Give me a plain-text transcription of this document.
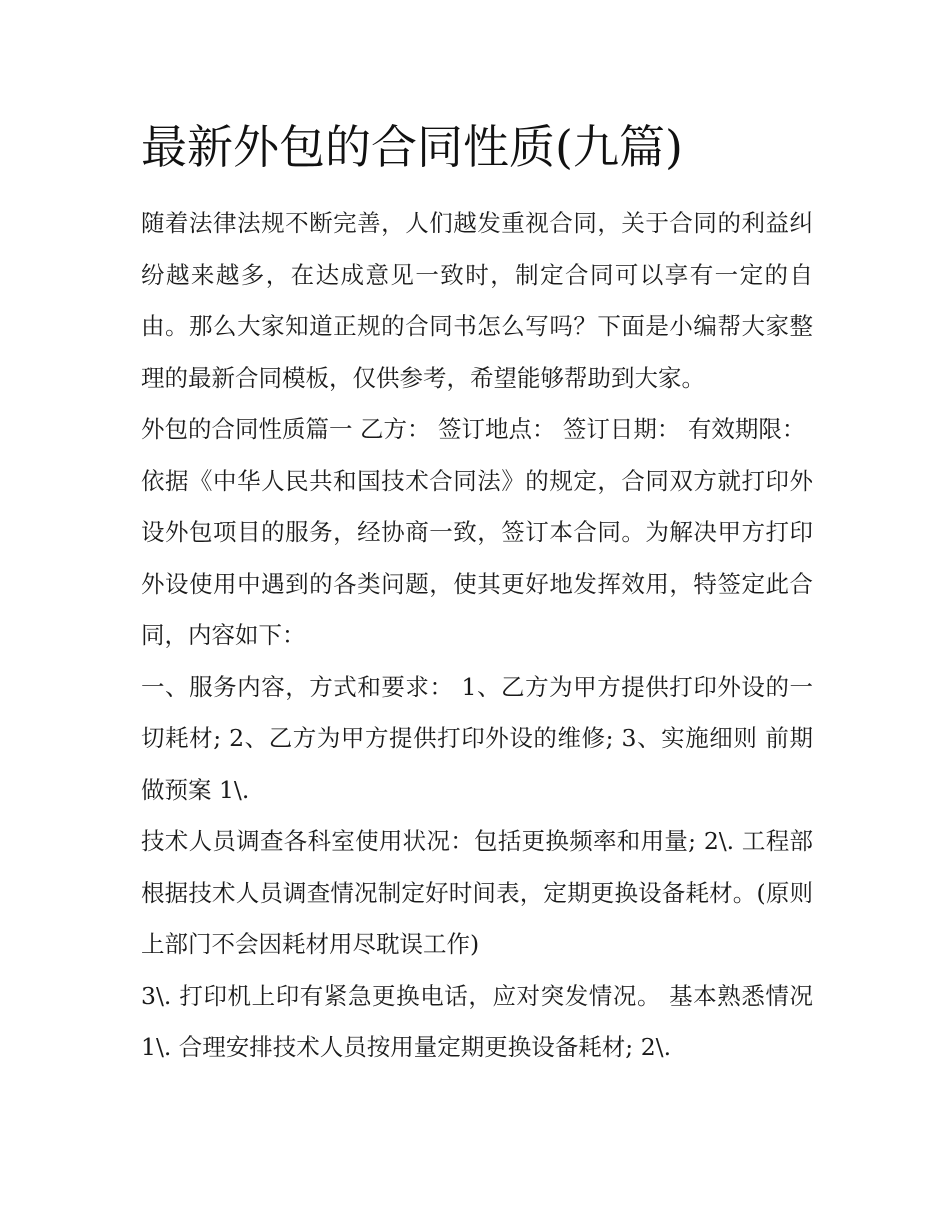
最新外包的合同性质(九篇)

随着法律法规不断完善，人们越发重视合同，关于合同的利益纠纷越来越多，在达成意见一致时，制定合同可以享有一定的自由。那么大家知道正规的合同书怎么写吗？下面是小编帮大家整理的最新合同模板，仅供参考，希望能够帮助到大家。

外包的合同性质篇一 乙方： 签订地点： 签订日期： 有效期限：

依据《中华人民共和国技术合同法》的规定，合同双方就打印外设外包项目的服务，经协商一致，签订本合同。为解决甲方打印外设使用中遇到的各类问题，使其更好地发挥效用，特签定此合同，内容如下：

一、服务内容，方式和要求： 1、乙方为甲方提供打印外设的一切耗材; 2、乙方为甲方提供打印外设的维修; 3、实施细则 前期做预案 1\.

技术人员调查各科室使用状况：包括更换频率和用量; 2\. 工程部根据技术人员调查情况制定好时间表，定期更换设备耗材。(原则上部门不会因耗材用尽耽误工作)

3\. 打印机上印有紧急更换电话，应对突发情况。 基本熟悉情况 1\. 合理安排技术人员按用量定期更换设备耗材; 2\.
